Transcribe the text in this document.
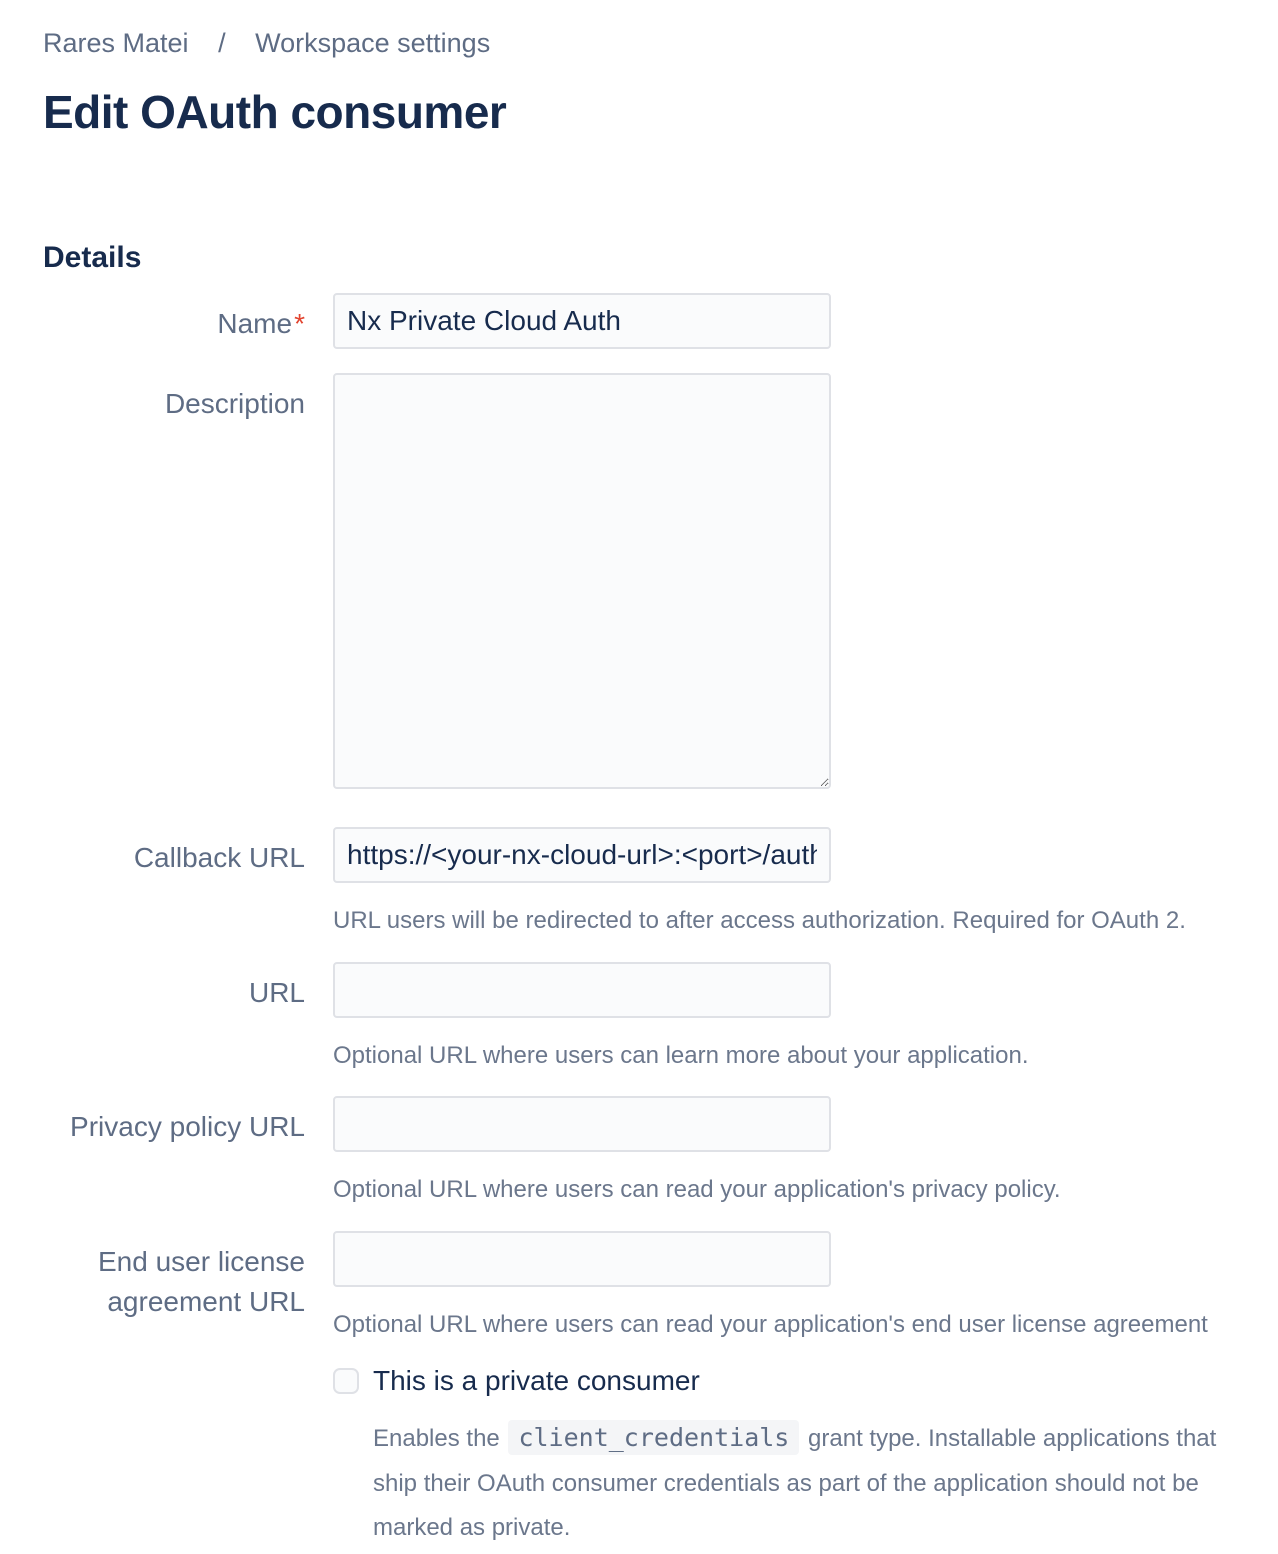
Rares Matei / Workspace settings
Edit OAuth consumer
Details
Name*
Nx Private Cloud Auth
Description
Callback URL
https://<your-nx-cloud-url>:<port>/auth
URL users will be redirected to after access authorization. Required for OAuth 2.
URL
Optional URL where users can learn more about your application.
Privacy policy URL
Optional URL where users can read your application's privacy policy.
End user license agreement URL
Optional URL where users can read your application's end user license agreement
This is a private consumer

Enables the client_credentials grant type. Installable applications that ship their OAuth consumer credentials as part of the application should not be marked as private.
